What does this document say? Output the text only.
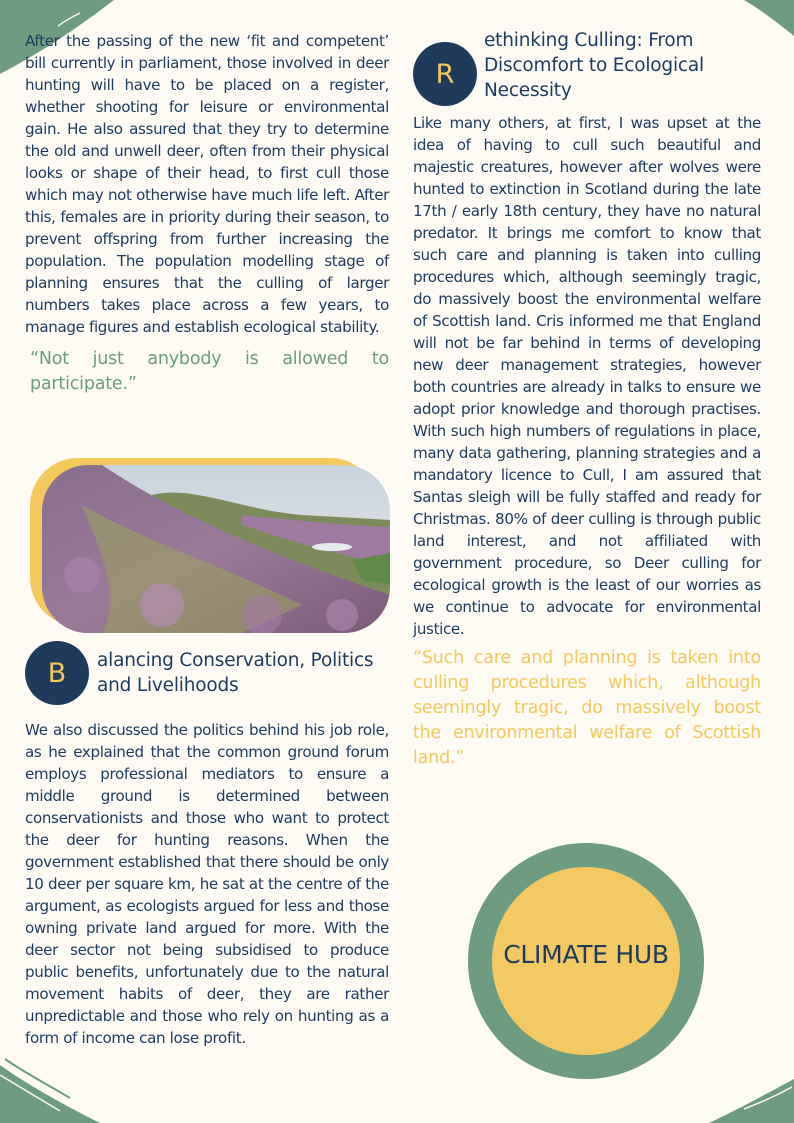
After the passing of the new ‘fit and competent’ bill currently in parliament, those involved in deer hunting will have to be placed on a register, whether shooting for leisure or environmental gain. He also assured that they try to determine the old and unwell deer, often from their physical looks or shape of their head, to first cull those which may not otherwise have much life left. After this, females are in priority during their season, to prevent offspring from further increasing the population. The population modelling stage of planning ensures that the culling of larger numbers takes place across a few years, to manage figures and establish ecological stability.

“Not just anybody is allowed to participate.”

B	alancing Conservation, Politics and Livelihoods

We also discussed the politics behind his job role, as he explained that the common ground forum employs professional mediators to ensure a middle ground is determined between conservationists and those who want to protect the deer for hunting reasons. When the government established that there should be only 10 deer per square km, he sat at the centre of the argument, as ecologists argued for less and those owning private land argued for more. With the deer sector not being subsidised to produce public benefits, unfortunately due to the natural movement habits of deer, they are rather unpredictable and those who rely on hunting as a form of income can lose profit.

R
ethinking Culling: From Discomfort to Ecological Necessity

Like many others, at first, I was upset at the idea of having to cull such beautiful and majestic creatures, however after wolves were hunted to extinction in Scotland during the late 17th / early 18th century, they have no natural predator. It brings me comfort to know that such care and planning is taken into culling procedures which, although seemingly tragic, do massively boost the environmental welfare of Scottish land. Cris informed me that England will not be far behind in terms of developing new deer management strategies, however both countries are already in talks to ensure we adopt prior knowledge and thorough practises. With such high numbers of regulations in place, many data gathering, planning strategies and a mandatory licence to Cull, I am assured that Santas sleigh will be fully staffed and ready for Christmas. 80% of deer culling is through public land interest, and not affiliated with government procedure, so Deer culling for ecological growth is the least of our worries as we continue to advocate for environmental justice.

“Such care and planning is taken into culling procedures which, although seemingly tragic, do massively boost the environmental welfare of Scottish land.”

CLIMATE HUB
